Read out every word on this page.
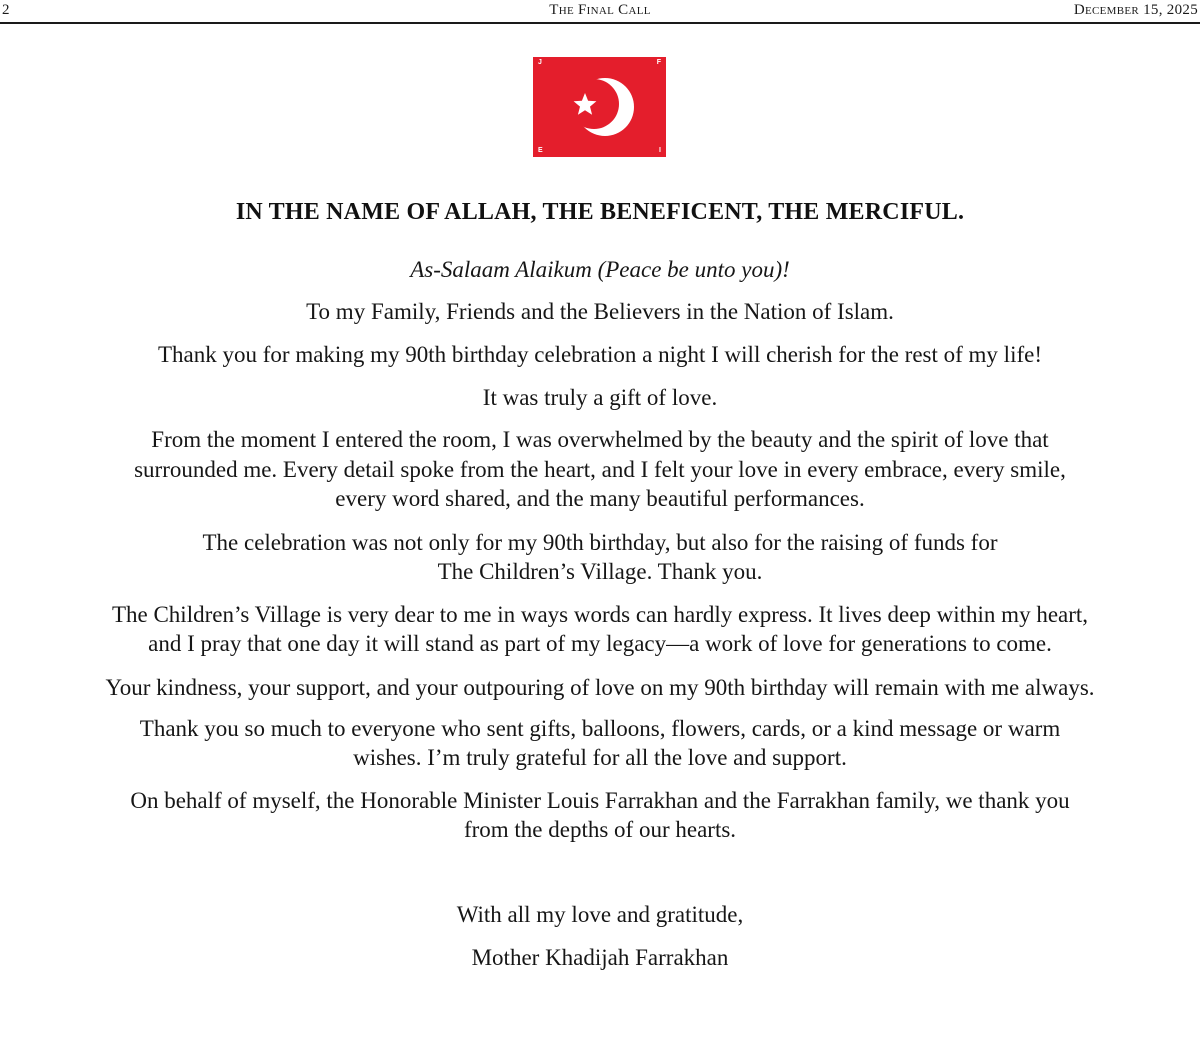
2	The Final Call	December 15, 2025
J	F
E	I
IN THE NAME OF ALLAH, THE BENEFICENT, THE MERCIFUL.
As-Salaam Alaikum (Peace be unto you)!
To my Family, Friends and the Believers in the Nation of Islam.
Thank you for making my 90th birthday celebration a night I will cherish for the rest of my life!
It was truly a gift of love.
From the moment I entered the room, I was overwhelmed by the beauty and the spirit of love that
surrounded me. Every detail spoke from the heart, and I felt your love in every embrace, every smile,
every word shared, and the many beautiful performances.
The celebration was not only for my 90th birthday, but also for the raising of funds for
The Children’s Village. Thank you.
The Children’s Village is very dear to me in ways words can hardly express. It lives deep within my heart,
and I pray that one day it will stand as part of my legacy—a work of love for generations to come.
Your kindness, your support, and your outpouring of love on my 90th birthday will remain with me always.
Thank you so much to everyone who sent gifts, balloons, flowers, cards, or a kind message or warm
wishes. I’m truly grateful for all the love and support.
On behalf of myself, the Honorable Minister Louis Farrakhan and the Farrakhan family, we thank you
from the depths of our hearts.
With all my love and gratitude,
Mother Khadijah Farrakhan
